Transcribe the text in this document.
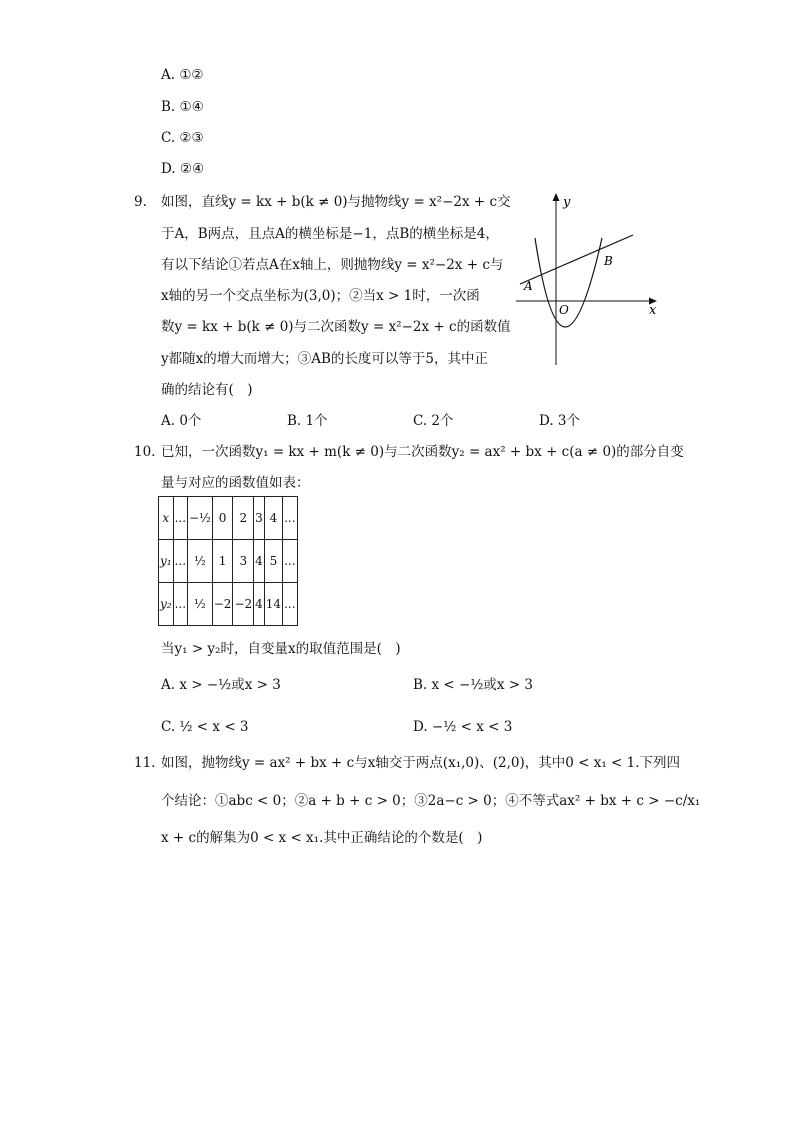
A. ①②
B. ①④
C. ②③
D. ②④
9. 如图，直线y = kx + b(k ≠ 0)与抛物线y = x²−2x + c交
于A，B两点，且点A的横坐标是−1，点B的横坐标是4，
有以下结论①若点A在x轴上，则抛物线y = x²−2x + c与
x轴的另一个交点坐标为(3,0)；②当x > 1时，一次函
数y = kx + b(k ≠ 0)与二次函数y = x²−2x + c的函数值
y都随x的增大而增大；③AB的长度可以等于5，其中正
确的结论有(　)
y
x
O
A
B
A. 0个	B. 1个	C. 2个	D. 3个
10. 已知，一次函数y₁ = kx + m(k ≠ 0)与二次函数y₂ = ax² + bx + c(a ≠ 0)的部分自变
量与对应的函数值如表：
x	...	−½	0	2	3	4	...
y₁	...	½	1	3	4	5	...
y₂	...	½	−2	−2	4	14	...
当y₁ > y₂时，自变量x的取值范围是(　)
A. x > −½或x > 3	B. x < −½或x > 3
C. ½ < x < 3	D. −½ < x < 3
11. 如图，抛物线y = ax² + bx + c与x轴交于两点(x₁,0)、(2,0)，其中0 < x₁ < 1.下列四
个结论：①abc < 0；②a + b + c > 0；③2a−c > 0；④不等式ax² + bx + c > −c/x₁
x + c的解集为0 < x < x₁.其中正确结论的个数是(　)
